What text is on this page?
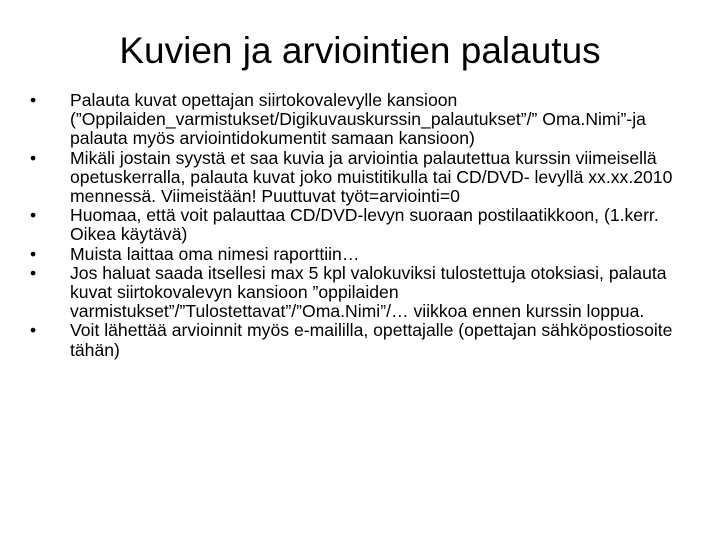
Kuvien ja arviointien palautus
•	Palauta kuvat opettajan siirtokovalevylle kansioon (”Oppilaiden_varmistukset/Digikuvauskurssin_palautukset”/” Oma.Nimi”-ja palauta myös arviointidokumentit samaan kansioon)
•	Mikäli jostain syystä et saa kuvia ja arviointia palautettua kurssin viimeisellä opetuskerralla, palauta kuvat joko muistitikulla tai CD/DVD- levyllä xx.xx.2010 mennessä. Viimeistään! Puuttuvat työt=arviointi=0
•	Huomaa, että voit palauttaa CD/DVD-levyn suoraan postilaatikkoon, (1.kerr. Oikea käytävä)
•	Muista laittaa oma nimesi raporttiin…
•	Jos haluat saada itsellesi max 5 kpl valokuviksi tulostettuja otoksiasi, palauta kuvat siirtokovalevyn kansioon ”oppilaiden varmistukset”/”Tulostettavat”/”Oma.Nimi”/… viikkoa ennen kurssin loppua.
•	Voit lähettää arvioinnit myös e-maililla, opettajalle (opettajan sähköpostiosoite tähän)
